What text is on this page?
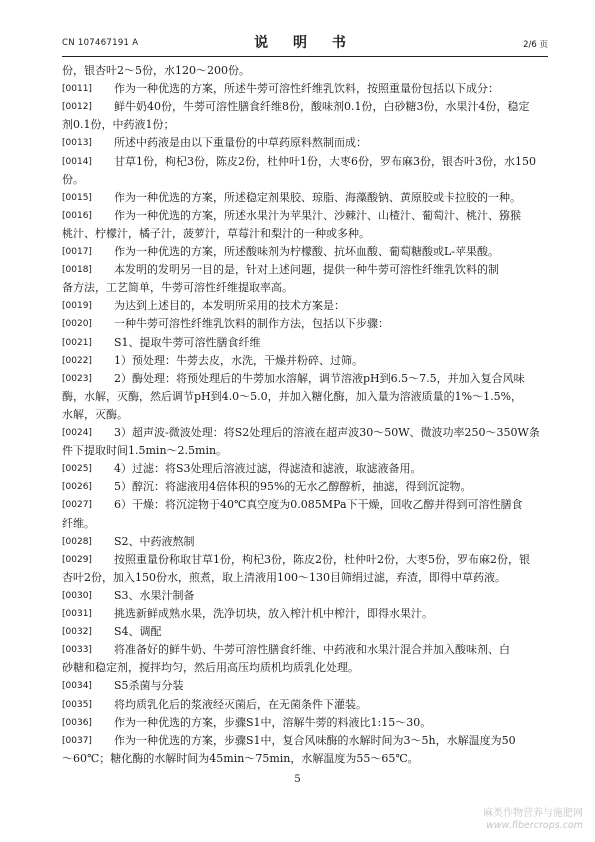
CN 107467191 A	说 明 书	2/6 页
份，银杏叶2～5份，水120～200份。
[0011] 作为一种优选的方案，所述牛蒡可溶性纤维乳饮料，按照重量份包括以下成分：
[0012] 鲜牛奶40份，牛蒡可溶性膳食纤维8份，酸味剂0.1份，白砂糖3份，水果汁4份，稳定
剂0.1份，中药液1份；
[0013] 所述中药液是由以下重量份的中草药原料熬制而成：
[0014] 甘草1份，枸杞3份，陈皮2份，杜仲叶1份，大枣6份，罗布麻3份，银杏叶3份，水150
份。
[0015] 作为一种优选的方案，所述稳定剂果胶、琼脂、海藻酸钠、黄原胶或卡拉胶的一种。
[0016] 作为一种优选的方案，所述水果汁为苹果汁、沙棘汁、山楂汁、葡萄汁、桃汁、猕猴
桃汁、柠檬汁，橘子汁，菠萝汁，草莓汁和梨汁的一种或多种。
[0017] 作为一种优选的方案，所述酸味剂为柠檬酸、抗坏血酸、葡萄糖酸或L-苹果酸。
[0018] 本发明的发明另一目的是，针对上述问题，提供一种牛蒡可溶性纤维乳饮料的制
备方法，工艺简单，牛蒡可溶性纤维提取率高。
[0019] 为达到上述目的，本发明所采用的技术方案是：
[0020] 一种牛蒡可溶性纤维乳饮料的制作方法，包括以下步骤：
[0021] S1、提取牛蒡可溶性膳食纤维
[0022] 1）预处理：牛蒡去皮，水洗，干燥并粉碎、过筛。
[0023] 2）酶处理：将预处理后的牛蒡加水溶解，调节溶液pH到6.5～7.5，并加入复合风味
酶，水解，灭酶，然后调节pH到4.0～5.0，并加入糖化酶，加入量为溶液质量的1%～1.5%，
水解，灭酶。
[0024] 3）超声波-微波处理：将S2处理后的溶液在超声波30～50W、微波功率250～350W条
件下提取时间1.5min～2.5min。
[0025] 4）过滤：将S3处理后溶液过滤，得滤渣和滤液，取滤液备用。
[0026] 5）醇沉：将滤液用4倍体积的95%的无水乙醇醇析，抽滤，得到沉淀物。
[0027] 6）干燥：将沉淀物于40℃真空度为0.085MPa下干燥，回收乙醇并得到可溶性膳食
纤维。
[0028] S2、中药液熬制
[0029] 按照重量份称取甘草1份，枸杞3份，陈皮2份，杜仲叶2份，大枣5份，罗布麻2份，银
杏叶2份，加入150份水，煎煮，取上清液用100～130目筛绢过滤，弃渣，即得中草药液。
[0030] S3、水果汁制备
[0031] 挑选新鲜成熟水果，洗净切块，放入榨汁机中榨汁，即得水果汁。
[0032] S4、调配
[0033] 将准备好的鲜牛奶、牛蒡可溶性膳食纤维、中药液和水果汁混合并加入酸味剂、白
砂糖和稳定剂，搅拌均匀，然后用高压均质机均质乳化处理。
[0034] S5杀菌与分装
[0035] 将均质乳化后的浆液经灭菌后，在无菌条件下灌装。
[0036] 作为一种优选的方案，步骤S1中，溶解牛蒡的料液比1:15～30。
[0037] 作为一种优选的方案，步骤S1中，复合风味酶的水解时间为3～5h，水解温度为50
～60℃；糖化酶的水解时间为45min～75min，水解温度为55～65℃。
5
麻类作物营养与施肥网
www.fibercrops.com
